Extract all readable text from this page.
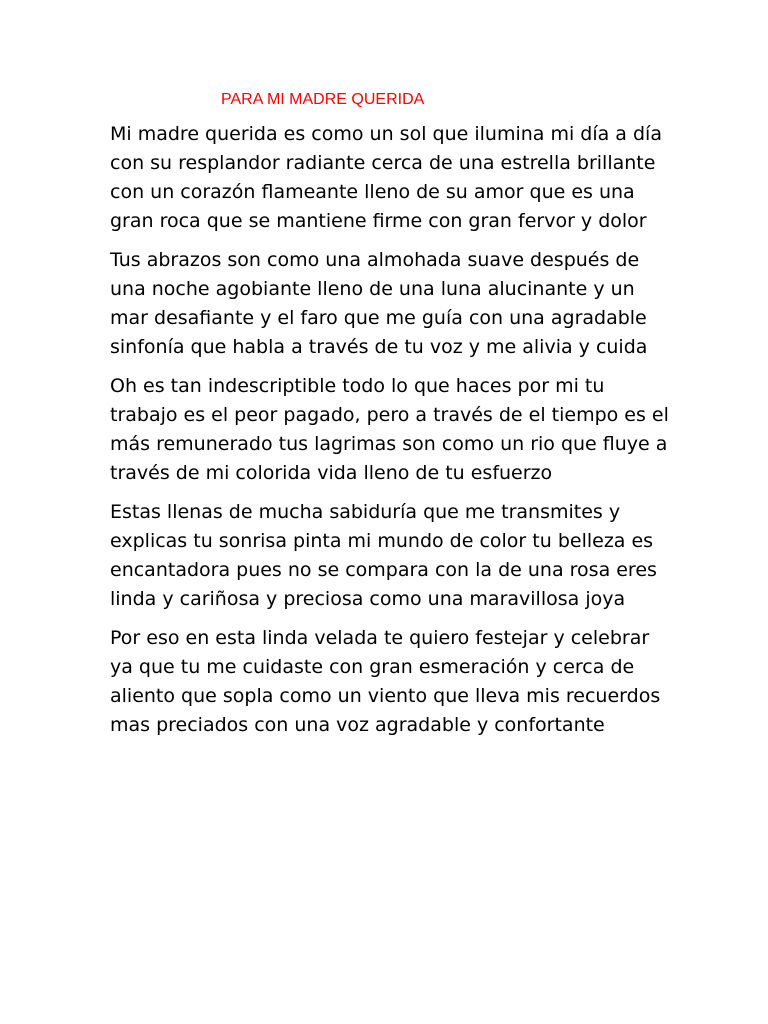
PARA MI MADRE QUERIDA

Mi madre querida es como un sol que ilumina mi día a día
con su resplandor radiante cerca de una estrella brillante
con un corazón flameante lleno de su amor que es una
gran roca que se mantiene firme con gran fervor y dolor

Tus abrazos son como una almohada suave después de
una noche agobiante lleno de una luna alucinante y un
mar desafiante y el faro que me guía con una agradable
sinfonía que habla a través de tu voz y me alivia y cuida

Oh es tan indescriptible todo lo que haces por mi tu
trabajo es el peor pagado, pero a través de el tiempo es el
más remunerado tus lagrimas son como un rio que fluye a
través de mi colorida vida lleno de tu esfuerzo

Estas llenas de mucha sabiduría que me transmites y
explicas tu sonrisa pinta mi mundo de color tu belleza es
encantadora pues no se compara con la de una rosa eres
linda y cariñosa y preciosa como una maravillosa joya

Por eso en esta linda velada te quiero festejar y celebrar
ya que tu me cuidaste con gran esmeración y cerca de
aliento que sopla como un viento que lleva mis recuerdos
mas preciados con una voz agradable y confortante
